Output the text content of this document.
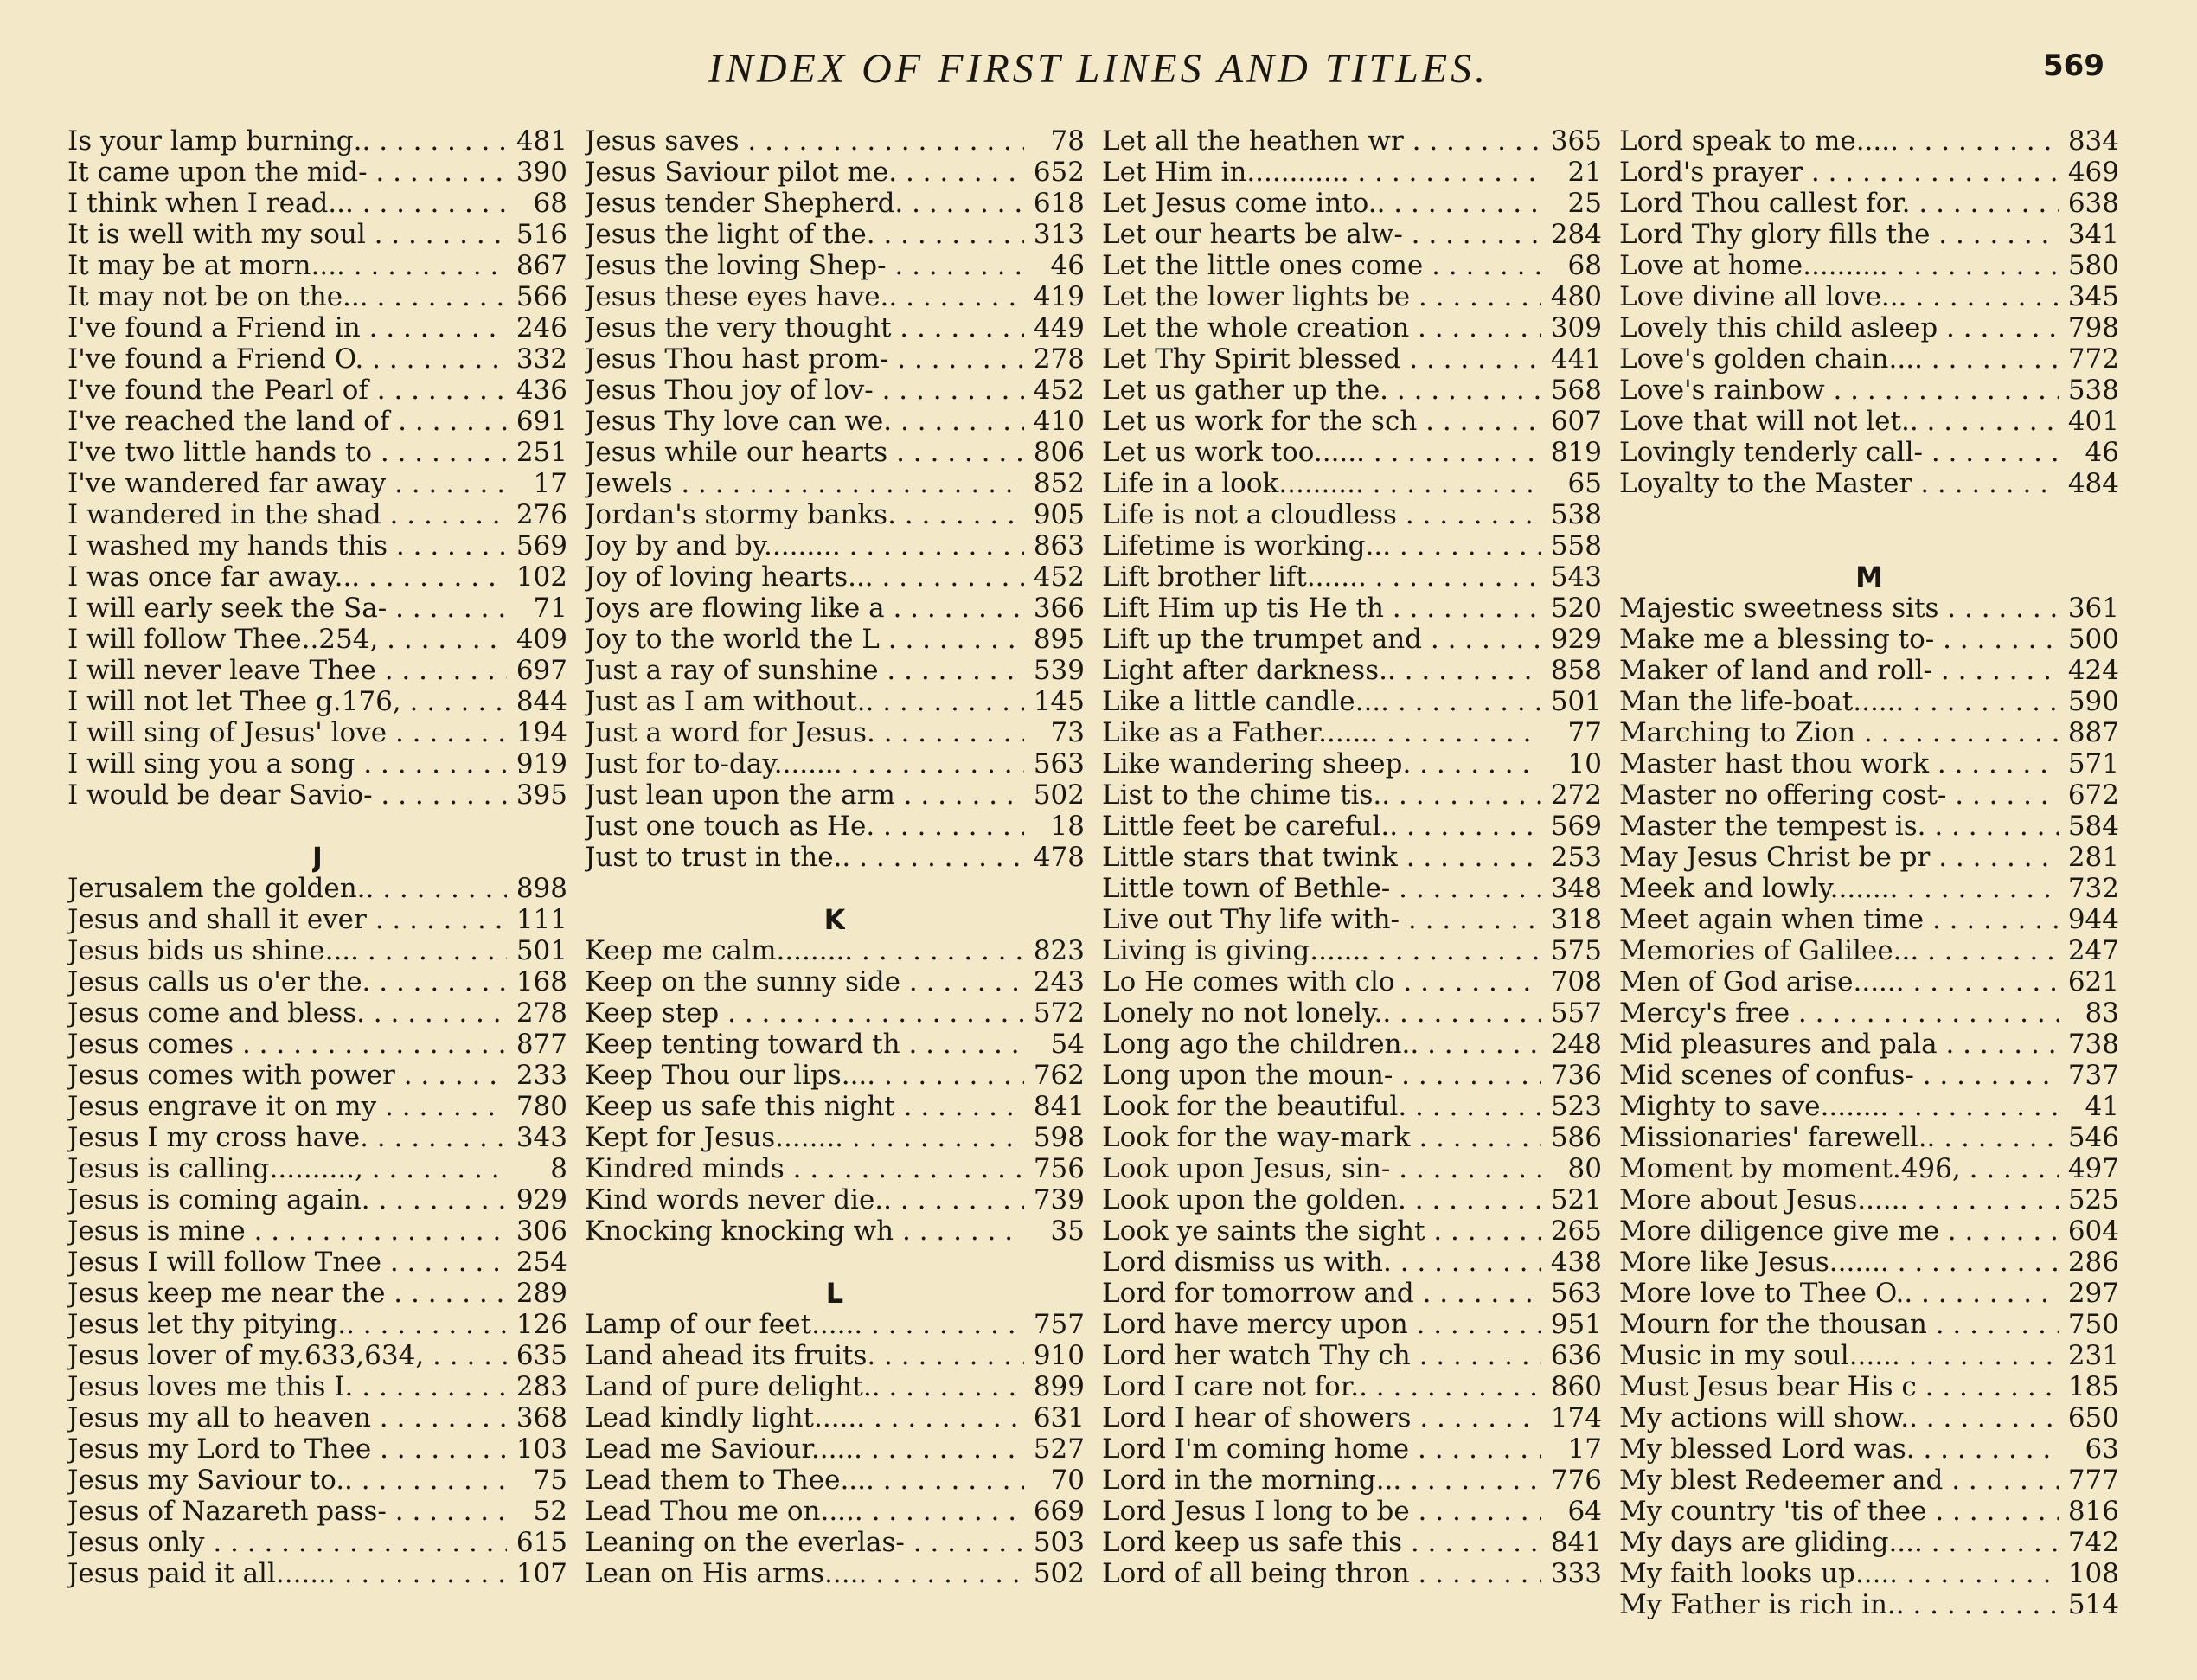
INDEX OF FIRST LINES AND TITLES.	569
Is your lamp burning.. . . .	481
It came upon the mid- . . .	390
I think when I read... . . .	68
It is well with my soul . . .	516
It may be at morn.... . . .	867
It may not be on the... . . .	566
I've found a Friend in . . .	246
I've found a Friend O. . . .	332
I've found the Pearl of . . .	436
I've reached the land of . . .	691
I've two little hands to . . .	251
I've wandered far away . . .	17
I wandered in the shad . . .	276
I washed my hands this . . .	569
I was once far away... . . .	102
I will early seek the Sa- . . .	71
I will follow Thee..254, . . .	409
I will never leave Thee . . .	697
I will not let Thee g.176, . . .	844
I will sing of Jesus' love . . .	194
I will sing you a song . . .	919
I would be dear Savio- . . .	395
J
Jerusalem the golden.. . . .	898
Jesus and shall it ever . . .	111
Jesus bids us shine.... . . .	501
Jesus calls us o'er the. . . .	168
Jesus come and bless. . . .	278
Jesus comes . . .	877
Jesus comes with power . . .	233
Jesus engrave it on my . . .	780
Jesus I my cross have. . . .	343
Jesus is calling.........., . . .	8
Jesus is coming again. . . .	929
Jesus is mine . . .	306
Jesus I will follow Tnee . . .	254
Jesus keep me near the . . .	289
Jesus let thy pitying.. . . .	126
Jesus lover of my.633,634, . . .	635
Jesus loves me this I. . . .	283
Jesus my all to heaven . . .	368
Jesus my Lord to Thee . . .	103
Jesus my Saviour to.. . . .	75
Jesus of Nazareth pass- . . .	52
Jesus only . . .	615
Jesus paid it all....... . . .	107
Jesus saves . . .	78
Jesus Saviour pilot me. . . .	652
Jesus tender Shepherd. . . .	618
Jesus the light of the. . . .	313
Jesus the loving Shep- . . .	46
Jesus these eyes have.. . . .	419
Jesus the very thought . . .	449
Jesus Thou hast prom- . . .	278
Jesus Thou joy of lov- . . .	452
Jesus Thy love can we. . . .	410
Jesus while our hearts . . .	806
Jewels . . .	852
Jordan's stormy banks. . . .	905
Joy by and by......... . . .	863
Joy of loving hearts... . . .	452
Joys are flowing like a . . .	366
Joy to the world the L . . .	895
Just a ray of sunshine . . .	539
Just as I am without.. . . .	145
Just a word for Jesus. . . .	73
Just for to-day........ . . .	563
Just lean upon the arm . . .	502
Just one touch as He. . . .	18
Just to trust in the.. . . .	478
K
Keep me calm......... . . .	823
Keep on the sunny side . . .	243
Keep step . . .	572
Keep tenting toward th . . .	54
Keep Thou our lips.... . . .	762
Keep us safe this night . . .	841
Kept for Jesus........ . . .	598
Kindred minds . . .	756
Kind words never die.. . . .	739
Knocking knocking wh . . .	35
L
Lamp of our feet...... . . .	757
Land ahead its fruits. . . .	910
Land of pure delight.. . . .	899
Lead kindly light...... . . .	631
Lead me Saviour...... . . .	527
Lead them to Thee.... . . .	70
Lead Thou me on..... . . .	669
Leaning on the everlas- . . .	503
Lean on His arms..... . . .	502
Let all the heathen wr . . .	365
Let Him in............ . . .	21
Let Jesus come into.. . . .	25
Let our hearts be alw- . . .	284
Let the little ones come . . .	68
Let the lower lights be . . .	480
Let the whole creation . . .	309
Let Thy Spirit blessed . . .	441
Let us gather up the. . . .	568
Let us work for the sch . . .	607
Let us work too...... . . .	819
Life in a look.......... . . .	65
Life is not a cloudless . . .	538
Lifetime is working... . . .	558
Lift brother lift....... . . .	543
Lift Him up tis He th . . .	520
Lift up the trumpet and . . .	929
Light after darkness.. . . .	858
Like a little candle.... . . .	501
Like as a Father....... . . .	77
Like wandering sheep. . . .	10
List to the chime tis.. . . .	272
Little feet be careful.. . . .	569
Little stars that twink . . .	253
Little town of Bethle- . . .	348
Live out Thy life with- . . .	318
Living is giving....... . . .	575
Lo He comes with clo . . .	708
Lonely no not lonely.. . . .	557
Long ago the children.. . . .	248
Long upon the moun- . . .	736
Look for the beautiful. . . .	523
Look for the way-mark . . .	586
Look upon Jesus, sin- . . .	80
Look upon the golden. . . .	521
Look ye saints the sight . . .	265
Lord dismiss us with. . . .	438
Lord for tomorrow and . . .	563
Lord have mercy upon . . .	951
Lord her watch Thy ch . . .	636
Lord I care not for.. . . .	860
Lord I hear of showers . . .	174
Lord I'm coming home . . .	17
Lord in the morning... . . .	776
Lord Jesus I long to be . . .	64
Lord keep us safe this . . .	841
Lord of all being thron . . .	333
Lord speak to me..... . . .	834
Lord's prayer . . .	469
Lord Thou callest for. . . .	638
Lord Thy glory fills the . . .	341
Love at home.......... . . .	580
Love divine all love... . . .	345
Lovely this child asleep . . .	798
Love's golden chain.... . . .	772
Love's rainbow . . .	538
Love that will not let.. . . .	401
Lovingly tenderly call- . . .	46
Loyalty to the Master . . .	484
M
Majestic sweetness sits . . .	361
Make me a blessing to- . . .	500
Maker of land and roll- . . .	424
Man the life-boat...... . . .	590
Marching to Zion . . .	887
Master hast thou work . . .	571
Master no offering cost- . . .	672
Master the tempest is. . . .	584
May Jesus Christ be pr . . .	281
Meek and lowly........ . . .	732
Meet again when time . . .	944
Memories of Galilee... . . .	247
Men of God arise...... . . .	621
Mercy's free . . .	83
Mid pleasures and pala . . .	738
Mid scenes of confus- . . .	737
Mighty to save........ . . .	41
Missionaries' farewell.. . . .	546
Moment by moment.496, . . .	497
More about Jesus...... . . .	525
More diligence give me . . .	604
More like Jesus....... . . .	286
More love to Thee O.. . . .	297
Mourn for the thousan . . .	750
Music in my soul...... . . .	231
Must Jesus bear His c . . .	185
My actions will show.. . . .	650
My blessed Lord was. . . .	63
My blest Redeemer and . . .	777
My country 'tis of thee . . .	816
My days are gliding.... . . .	742
My faith looks up..... . . .	108
My Father is rich in.. . . .	514
